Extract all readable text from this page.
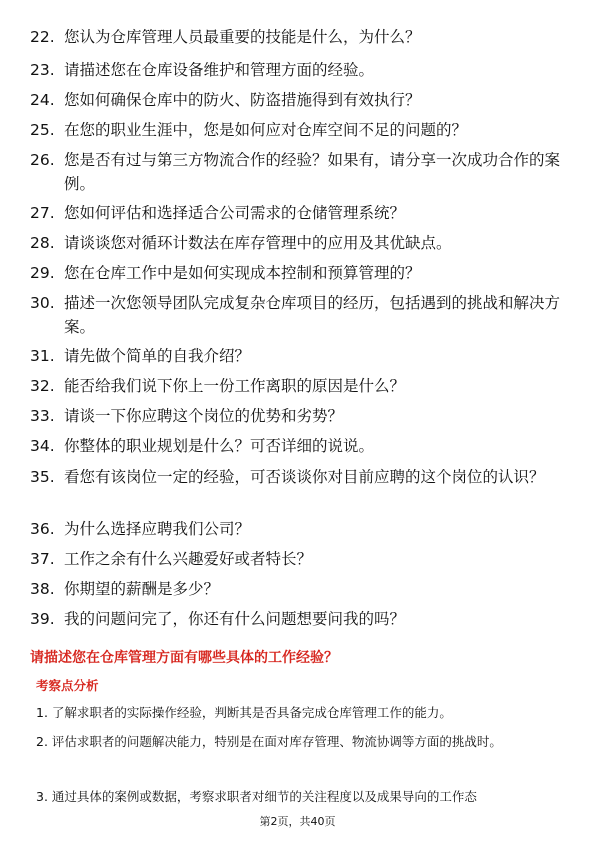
22. 您认为仓库管理人员最重要的技能是什么，为什么？
23. 请描述您在仓库设备维护和管理方面的经验。
24. 您如何确保仓库中的防火、防盗措施得到有效执行？
25. 在您的职业生涯中，您是如何应对仓库空间不足的问题的？
26. 您是否有过与第三方物流合作的经验？如果有，请分享一次成功合作的案例。
27. 您如何评估和选择适合公司需求的仓储管理系统？
28. 请谈谈您对循环计数法在库存管理中的应用及其优缺点。
29. 您在仓库工作中是如何实现成本控制和预算管理的？
30. 描述一次您领导团队完成复杂仓库项目的经历，包括遇到的挑战和解决方案。
31. 请先做个简单的自我介绍？
32. 能否给我们说下你上一份工作离职的原因是什么？
33. 请谈一下你应聘这个岗位的优势和劣势？
34. 你整体的职业规划是什么？可否详细的说说。
35. 看您有该岗位一定的经验，可否谈谈你对目前应聘的这个岗位的认识？
36. 为什么选择应聘我们公司？
37. 工作之余有什么兴趣爱好或者特长？
38. 你期望的薪酬是多少？
39. 我的问题问完了，你还有什么问题想要问我的吗？
请描述您在仓库管理方面有哪些具体的工作经验？
考察点分析
1. 了解求职者的实际操作经验，判断其是否具备完成仓库管理工作的能力。
2. 评估求职者的问题解决能力，特别是在面对库存管理、物流协调等方面的挑战时。
3. 通过具体的案例或数据，考察求职者对细节的关注程度以及成果导向的工作态
第2页，共40页
